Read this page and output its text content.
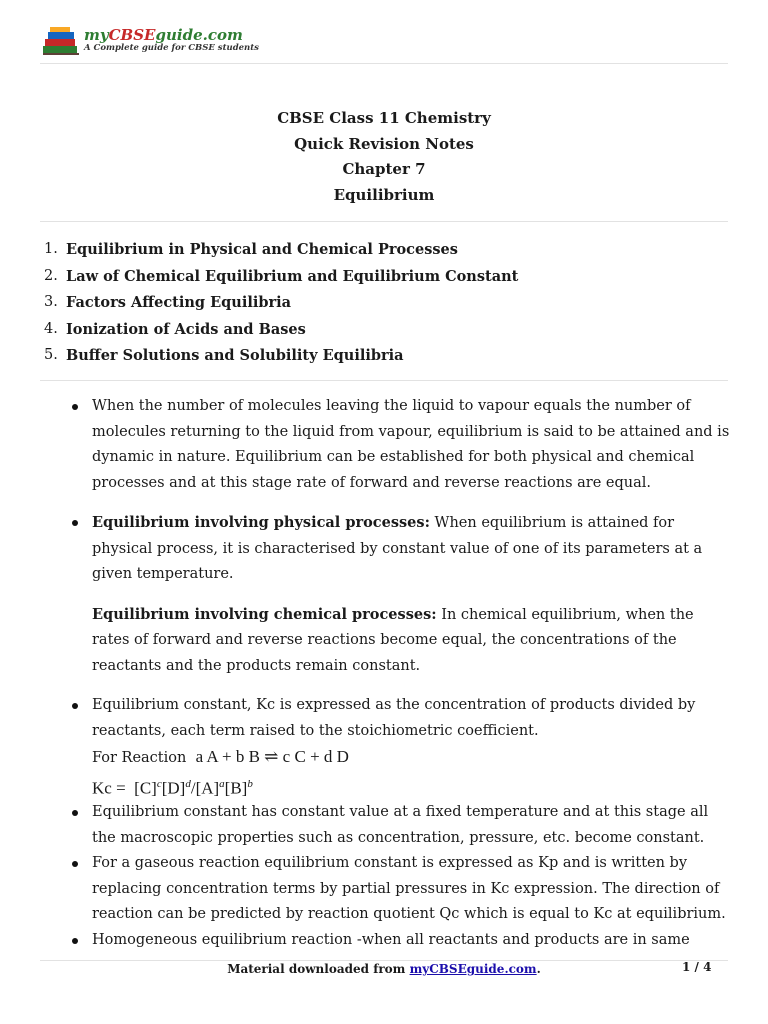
myCBSEguide.com
A Complete guide for CBSE students
CBSE Class 11 Chemistry
Quick Revision Notes
Chapter 7
Equilibrium
1. Equilibrium in Physical and Chemical Processes
2. Law of Chemical Equilibrium and Equilibrium Constant
3. Factors Affecting Equilibria
4. Ionization of Acids and Bases
5. Buffer Solutions and Solubility Equilibria
When the number of molecules leaving the liquid to vapour equals the number of molecules returning to the liquid from vapour, equilibrium is said to be attained and is dynamic in nature. Equilibrium can be established for both physical and chemical processes and at this stage rate of forward and reverse reactions are equal.
Equilibrium involving physical processes: When equilibrium is attained for physical process, it is characterised by constant value of one of its parameters at a given temperature.
Equilibrium involving chemical processes: In chemical equilibrium, when the rates of forward and reverse reactions become equal, the concentrations of the reactants and the products remain constant.
Equilibrium constant, Kc is expressed as the concentration of products divided by reactants, each term raised to the stoichiometric coefficient.
For Reaction a A + b B ⇌ c C + d D
$Kc = [C]^c[D]^d/[A]^a[B]^b$
Equilibrium constant has constant value at a fixed temperature and at this stage all the macroscopic properties such as concentration, pressure, etc. become constant.
For a gaseous reaction equilibrium constant is expressed as Kp and is written by replacing concentration terms by partial pressures in Kc expression. The direction of reaction can be predicted by reaction quotient Qc which is equal to Kc at equilibrium.
Homogeneous equilibrium reaction -when all reactants and products are in same
Material downloaded from myCBSEguide.com.	1 / 4
